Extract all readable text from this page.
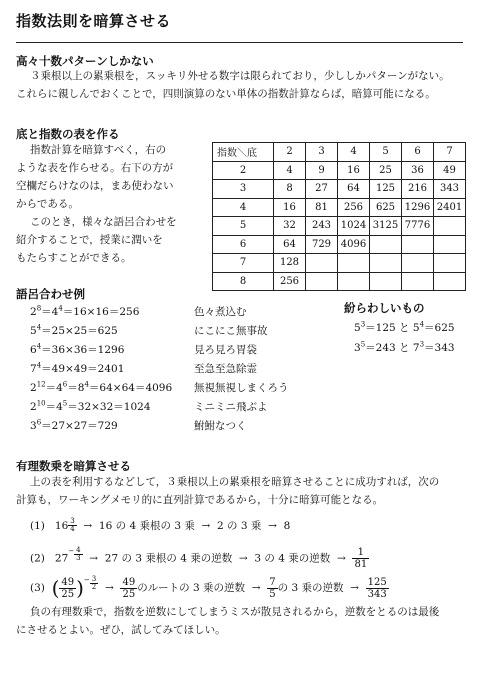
指数法則を暗算させる
高々十数パターンしかない
３乗根以上の累乗根を，スッキリ外せる数字は限られており，少ししかパターンがない。
これらに親しんでおくことで，四則演算のない単体の指数計算ならば，暗算可能になる。
底と指数の表を作る
指数計算を暗算すべく，右の
ような表を作らせる。右下の方が
空欄だらけなのは，まあ使わない
からである。
このとき，様々な語呂合わせを
紹介することで，授業に潤いを
もたらすことができる。
指数＼底	2	3	4	5	6	7
2	4	9	16	25	36	49
3	8	27	64	125	216	343
4	16	81	256	625	1296	2401
5	32	243	1024	3125	7776	
6	64	729	4096			
7	128					
8	256					
語呂合わせ例
$2^8=4^4=16\times 16=256$
$5^4=25\times 25=625$
$6^4=36\times 36=1296$
$7^4=49\times 49=2401$
$2^{12}=4^6=8^4=64\times 64=4096$
$2^{10}=4^5=32\times 32=1024$
$3^6=27\times 27=729$
色々煮込む
にこにこ無事故
見ろ見ろ胃袋
至急至急除霊
無視無視しまくろう
ミニミニ飛ぶよ
鮒鮒なつく
紛らわしいもの
$5^3=125$ と $5^4=625$
$3^5=243$ と $7^3=343$
有理数乗を暗算させる
上の表を利用するなどして，３乗根以上の累乗根を暗算させることに成功すれば，次の
計算も，ワーキングメモリ的に直列計算であるから，十分に暗算可能となる。
(1) $16 \frac{3}{4} \to 16$ の 4 乗根の 3 乗 → 2 の 3 乗 → 8
(2) $27^- \frac{4}{3} \to 27$ の 3 乗根の 4 乗の逆数 → 3 の 4 乗の逆数 → $\frac{1}{81}$
(3) ( $\frac{49}{25} )^- \frac{3}{2} \to \frac{49}{25}$ のルートの 3 乗の逆数 → $\frac{7}{5}$ の 3 乗の逆数 → $\frac{125}{343}$
負の有理数乗で，指数を逆数にしてしまうミスが散見されるから，逆数をとるのは最後
にさせるとよい。ぜひ，試してみてほしい。
